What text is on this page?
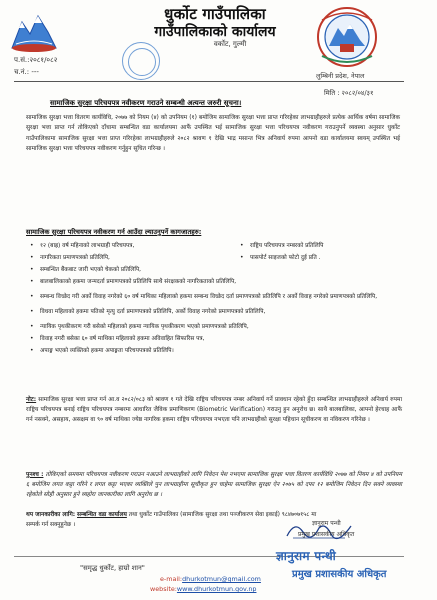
धुर्कोट गाउँपालिका
गाउँपालिकाको कार्यालय
वर्कोट, गुल्मी
प.सं.:२०८१/०८२
च.नं.: ---	लुम्बिनी प्रदेश, नेपाल
मिति : २०८२/०४/३१
सामाजिक सुरक्षा परिचयपत्र नवीकरण गराउने सम्बन्धी अत्यन्त जरुरी सूचना।

सामाजिक सुरक्षा भत्ता वितरण कार्यविधि, २०७७ को नियम (४) को उपनियम (१) बमोजिम सामाजिक सुरक्षा भत्ता प्राप्त गरिरहेका लाभग्राहीहरुले प्रत्येक आर्थिक वर्षमा सामाजिक सुरक्षा भत्ता प्राप्त गर्न तोकिएको दाँचामा सम्बन्धित वडा कार्यालयमा आफैं उपस्थित भई सामाजिक सुरक्षा भत्ता परिचयपत्र नवीकरण गराउनुपर्ने व्यवस्था अनुसार धुर्कोट गाउँपालिकामा सामाजिक सुरक्षा भत्ता प्राप्त गरिरहेका लाभग्राहीहरुले २०८२ श्रावण १ देखि भाद्र मसान्त भित्र अनिवार्य रुपमा आफ्नो वडा कार्यालयमा स्वयम् उपस्थित भई सामाजिक सुरक्षा भत्ता परिचयपत्र नवीकरण गर्नुहुन सूचित गरिन्छ ।

सामाजिक सुरक्षा परिचयपत्र नवीकरण गर्न आउँदा ल्याउनुपर्ने कागजातहरु:
• १२ (बाह्र) वर्ष महिनाको लाभग्राही परिचयपत्र,
• नागरिकता प्रमाणपत्रको प्रतिलिपि,
• सम्बन्धित बैंकबाट जारी भएको चेकको प्रतिलिपि,
• राष्ट्रिय परिचयपत्र नम्बरको प्रतिलिपि
• पासपोर्ट साइजको फोटो दुई प्रति .
• बालबालिकाको हकमा जन्मदर्ता प्रमाणपत्रको प्रतिलिपि साथै संरक्षकको नागरिकताको प्रतिलिपि,
• सम्बन्ध विच्छेद गरी अर्को विवाह नगरेको ६० वर्ष माथिका महिलाको हकमा सम्बन्ध विच्छेद दर्ता प्रमाणपत्रको प्रतिलिपि र अर्को विवाह नगरेको प्रमाणपत्रको प्रतिलिपि,
• विधवा महिलाको हकमा पतिको मृत्यु दर्ता प्रमाणपत्रको प्रतिलिपि, अर्को विवाह नगरेको प्रमाणपत्रको प्रतिलिपि,
• न्यायिक पृथकीकरण गरी बसेको महिलाको हकमा न्यायिक पृथकीकरण भएको प्रमाणपत्रको प्रतिलिपि,
• विवाह नगरी बसेका ६० वर्ष माथिका महिलाको हकमा अविवाहित सिफारिस पत्र,
• अपाङ्ग भएको व्यक्तिको हकमा अपाङ्गता परिचयपत्रको प्रतिलिपि।

नोट: सामाजिक सुरक्षा भत्ता प्राप्त गर्न आ.व २०८२/०८३ को श्रावण १ गते देखि राष्ट्रिय परिचयपत्र नम्बर अनिवार्य गर्ने प्रावधान रहेको हुँदा सम्बन्धित लाभग्राहीहरुले अनिवार्य रुपमा राष्ट्रिय परिचयपत्र बनाई राष्ट्रिय परिचयपत्र नम्बरमा आधारित जैविक प्रमाणिकरण (Biometric Verification) गराउनु हुन अनुरोध छ। साथै बालबालिका, आफ्नो हेरचाह आफैं गर्न नसक्ने, असहाय, असक्षम वा ९० वर्ष माथिका ज्येष्ठ नागरिक हकमा राष्ट्रिय परिचयपत्र नभएता पनि लाभग्राहीको सुरक्षा पहिचान सूचीकरण वा नविकरण गरिनेछ ।

पुनश्च : तोकिएको समयमा परिचयपत्र नवीकरण गराउन नआउने लाभग्राहीको लागि निवेदन पेश नभएमा सामाजिक सुरक्षा भत्ता वितरण कार्यविधि २०७७ को नियम ४ को उपनियम ६ बमोजिम लगत कट्टा गरिने र लगत कट्टा भएका व्यक्तिले पुन लाभग्राहीमा सूचीकृत हुन चाहेमा सामाजिक सुरक्षा ऐन २०७५ को दफा १२ बमोजिम निवेदन दिन सक्ने व्यवस्था रहेकोले सोही अनुसार हुने व्यहोरा जानकारीका लागि अनुरोध छ ।

थप जानकारीका लागि: सम्बन्धित वडा कार्यालय तथा धुर्कोट गाउँपालिका (सामाजिक सुरक्षा तथा पञ्जीकरण सेवा इकाई) ९८४७०७१५८ मा सम्पर्क गर्न सक्नुहुनेछ ।	ज्ञानुराम पन्थी
प्रमुख प्रशासकीय अधिकृत
ज्ञानुराम पन्थी
प्रमुख प्रशासकीय अधिकृत
"समृद्ध धुर्कोट, हाम्रो शान"
e-mail:dhurkotmun@gmail.com
website:www.dhurkotmun.gov.np
